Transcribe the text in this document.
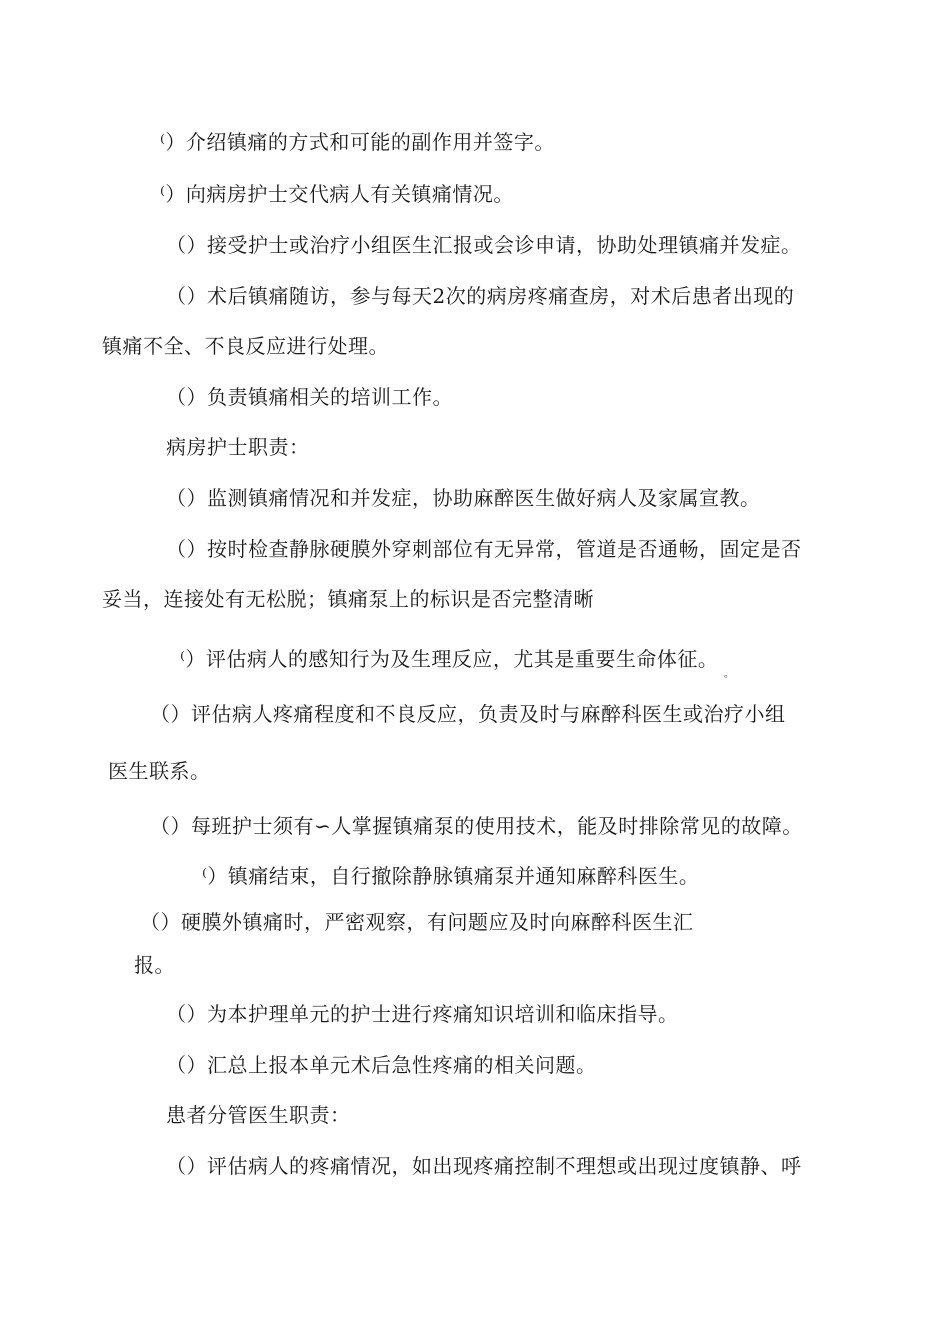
⁽）介绍镇痛的方式和可能的副作用并签字。
⁽）向病房护士交代病人有关镇痛情况。
（）接受护士或治疗小组医生汇报或会诊申请，协助处理镇痛并发症。
（）术后镇痛随访，参与每天2次的病房疼痛查房，对术后患者出现的
镇痛不全、不良反应进行处理。
（）负责镇痛相关的培训工作。
病房护士职责：
（）监测镇痛情况和并发症，协助麻醉医生做好病人及家属宣教。
（）按时检查静脉硬膜外穿刺部位有无异常，管道是否通畅，固定是否
妥当，连接处有无松脱；镇痛泵上的标识是否完整清晰
⁽）评估病人的感知行为及生理反应，尤其是重要生命体征。
。
（）评估病人疼痛程度和不良反应，负责及时与麻醉科医生或治疗小组
医生联系。
（）每班护士须有∽人掌握镇痛泵的使用技术，能及时排除常见的故障。
⁽）镇痛结束，自行撤除静脉镇痛泵并通知麻醉科医生。
（）硬膜外镇痛时，严密观察，有问题应及时向麻醉科医生汇
报。
（）为本护理单元的护士进行疼痛知识培训和临床指导。
（）汇总上报本单元术后急性疼痛的相关问题。
患者分管医生职责：
（）评估病人的疼痛情况，如出现疼痛控制不理想或出现过度镇静、呼
